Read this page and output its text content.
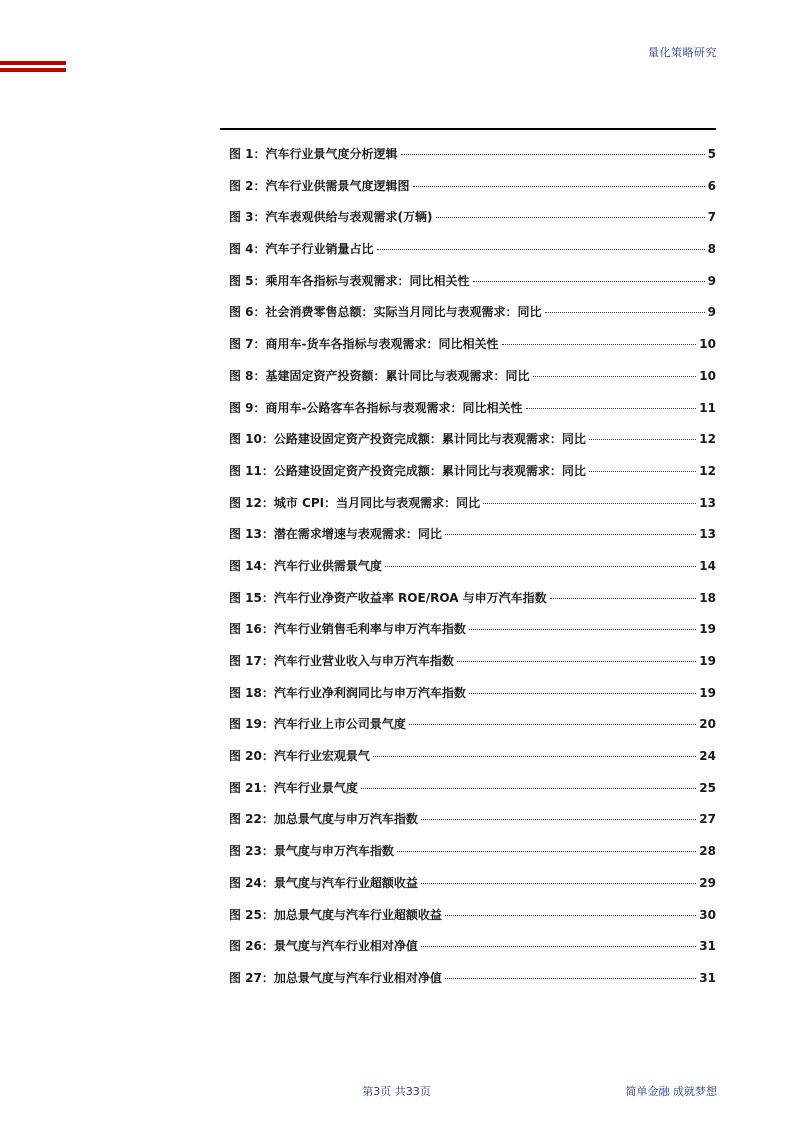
量化策略研究
图 1：汽车行业景气度分析逻辑	5
图 2：汽车行业供需景气度逻辑图	6
图 3：汽车表观供给与表观需求(万辆)	7
图 4：汽车子行业销量占比	8
图 5：乘用车各指标与表观需求：同比相关性	9
图 6：社会消费零售总额：实际当月同比与表观需求：同比	9
图 7：商用车-货车各指标与表观需求：同比相关性	10
图 8：基建固定资产投资额：累计同比与表观需求：同比	10
图 9：商用车-公路客车各指标与表观需求：同比相关性	11
图 10：公路建设固定资产投资完成额：累计同比与表观需求：同比	12
图 11：公路建设固定资产投资完成额：累计同比与表观需求：同比	12
图 12：城市 CPI：当月同比与表观需求：同比	13
图 13：潜在需求增速与表观需求：同比	13
图 14：汽车行业供需景气度	14
图 15：汽车行业净资产收益率 ROE/ROA 与申万汽车指数	18
图 16：汽车行业销售毛利率与申万汽车指数	19
图 17：汽车行业营业收入与申万汽车指数	19
图 18：汽车行业净利润同比与申万汽车指数	19
图 19：汽车行业上市公司景气度	20
图 20：汽车行业宏观景气	24
图 21：汽车行业景气度	25
图 22：加总景气度与申万汽车指数	27
图 23：景气度与申万汽车指数	28
图 24：景气度与汽车行业超额收益	29
图 25：加总景气度与汽车行业超额收益	30
图 26：景气度与汽车行业相对净值	31
图 27：加总景气度与汽车行业相对净值	31
第3页 共33页	简单金融 成就梦想
